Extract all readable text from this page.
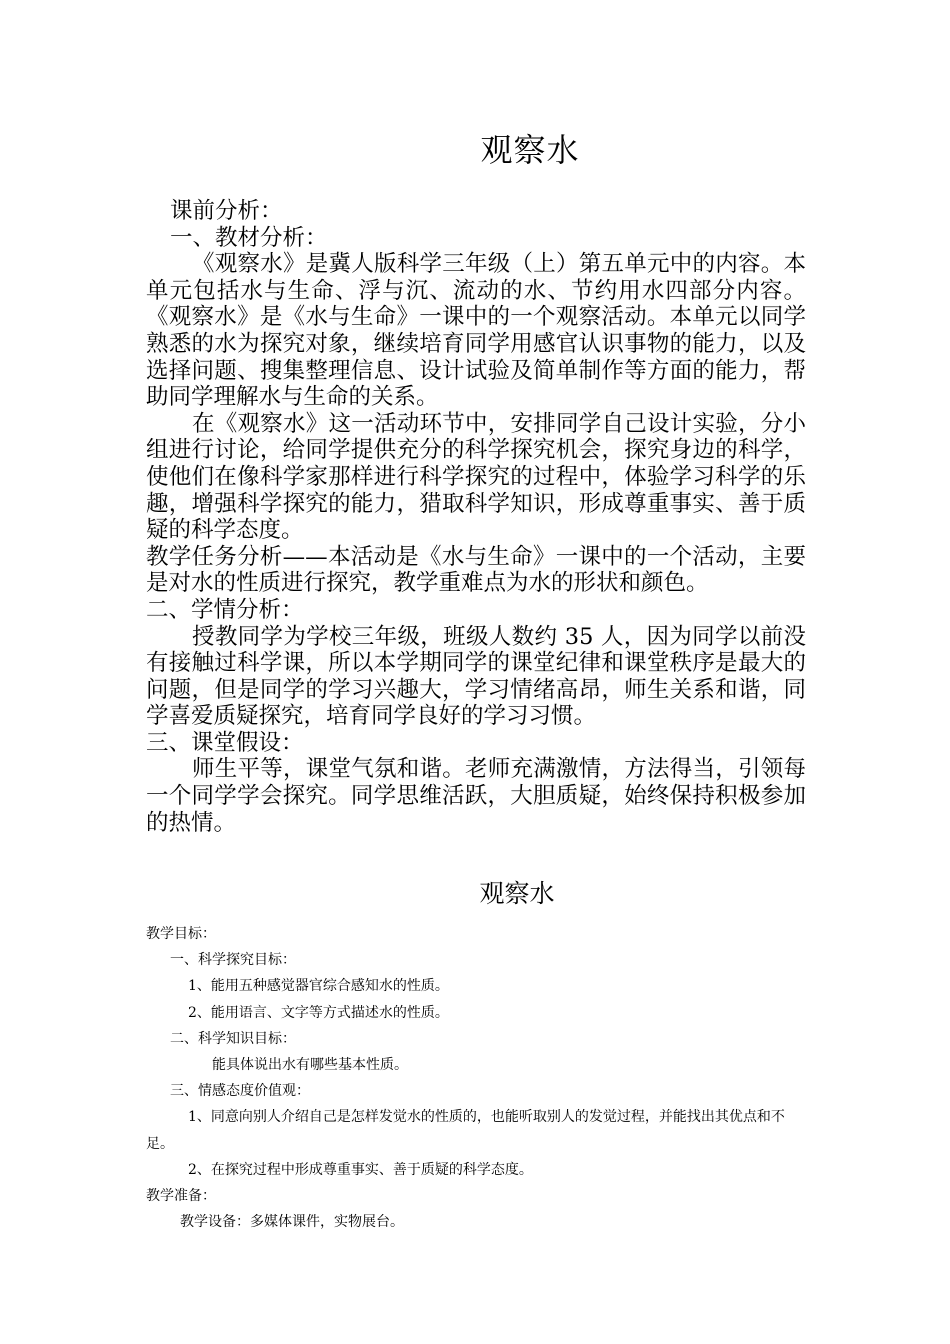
观察水

课前分析：

一、教材分析：

《观察水》是冀人版科学三年级（上）第五单元中的内容。本单元包括水与生命、浮与沉、流动的水、节约用水四部分内容。《观察水》是《水与生命》一课中的一个观察活动。本单元以同学熟悉的水为探究对象，继续培育同学用感官认识事物的能力，以及选择问题、搜集整理信息、设计试验及简单制作等方面的能力，帮助同学理解水与生命的关系。

在《观察水》这一活动环节中，安排同学自己设计实验，分小组进行讨论，给同学提供充分的科学探究机会，探究身边的科学，使他们在像科学家那样进行科学探究的过程中，体验学习科学的乐趣，增强科学探究的能力，猎取科学知识，形成尊重事实、善于质疑的科学态度。

教学任务分析——本活动是《水与生命》一课中的一个活动，主要是对水的性质进行探究，教学重难点为水的形状和颜色。

二、学情分析：

授教同学为学校三年级，班级人数约 35 人，因为同学以前没有接触过科学课，所以本学期同学的课堂纪律和课堂秩序是最大的问题，但是同学的学习兴趣大，学习情绪高昂，师生关系和谐，同学喜爱质疑探究，培育同学良好的学习习惯。

三、课堂假设：

师生平等，课堂气氛和谐。老师充满激情，方法得当，引领每一个同学学会探究。同学思维活跃，大胆质疑，始终保持积极参加的热情。

观察水

教学目标：

一、科学探究目标：

1、能用五种感觉器官综合感知水的性质。

2、能用语言、文字等方式描述水的性质。

二、科学知识目标：

能具体说出水有哪些基本性质。

三、情感态度价值观：

1、同意向别人介绍自己是怎样发觉水的性质的，也能听取别人的发觉过程，并能找出其优点和不足。

2、在探究过程中形成尊重事实、善于质疑的科学态度。

教学准备：

教学设备：多媒体课件，实物展台。
